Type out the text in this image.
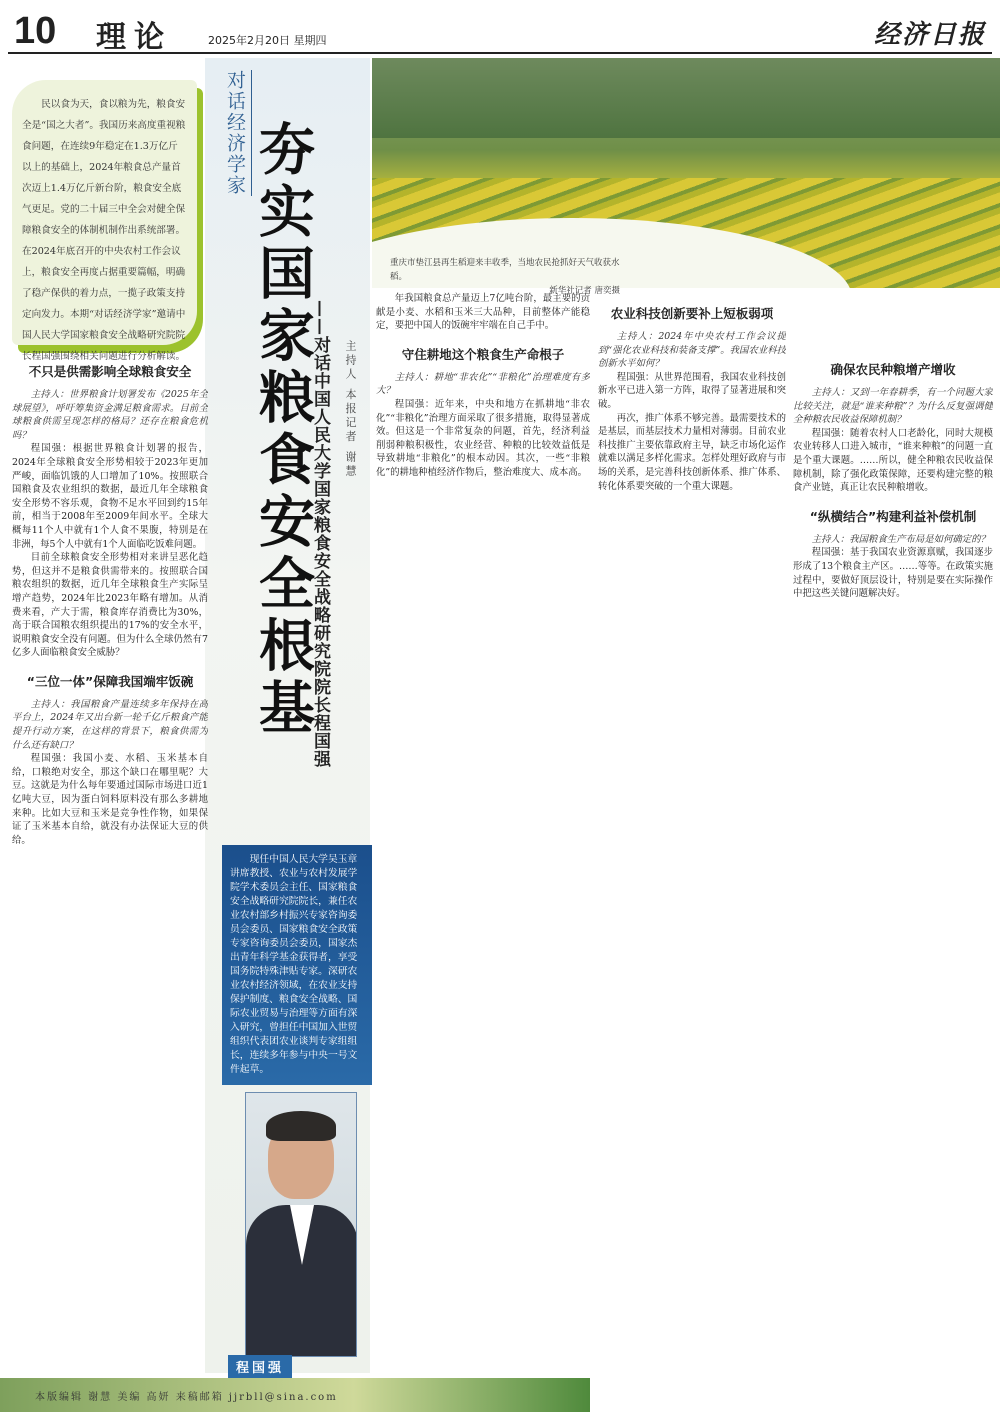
10 理论	2025年2月20日 星期四	经济日报
民以食为天，食以粮为先，粮食安全是“国之大者”。我国历来高度重视粮食问题，在连续9年稳定在1.3万亿斤以上的基础上，2024年粮食总产量首次迈上1.4万亿斤新台阶，粮食安全底气更足。党的二十届三中全会对健全保障粮食安全的体制机制作出系统部署。在2024年底召开的中央农村工作会议上，粮食安全再度占据重要篇幅，明确了稳产保供的着力点，一揽子政策支持定向发力。本期“对话经济学家”邀请中国人民大学国家粮食安全战略研究院院长程国强围绕相关问题进行分析解读。
对话经济学家 夯实国家粮食安全根基
——对话中国人民大学国家粮食安全战略研究院院长程国强 主持人 本报记者 谢慧
现任中国人民大学吴玉章讲席教授、农业与农村发展学院学术委员会主任、国家粮食安全战略研究院院长，兼任农业农村部乡村振兴专家咨询委员会委员、国家粮食安全政策专家咨询委员会委员，国家杰出青年科学基金获得者，享受国务院特殊津贴专家。深研农业农村经济领域，在农业支持保护制度、粮食安全战略、国际农业贸易与治理等方面有深入研究，曾担任中国加入世贸组织代表团农业谈判专家组组长，连续多年参与中央一号文件起草。
程国强
重庆市垫江县再生稻迎来丰收季，当地农民抢抓好天气收获水稻。
新华社记者 唐奕摄
不只是供需影响全球粮食安全

主持人：世界粮食计划署发布《2025年全球展望》，呼吁筹集资金满足粮食需求。目前全球粮食供需呈现怎样的格局？还存在粮食危机吗？

程国强：根据世界粮食计划署的报告，2024年全球粮食安全形势相较于2023年更加严峻，面临饥饿的人口增加了10%。按照联合国粮食及农业组织的数据，最近几年全球粮食安全形势不容乐观，食物不足水平回到约15年前，相当于2008年至2009年间水平。全球大概每11个人中就有1个人食不果腹，特别是在非洲，每5个人中就有1个人面临吃饭难问题。

目前全球粮食安全形势相对来讲呈恶化趋势，但这并不是粮食供需带来的。按照联合国粮农组织的数据，近几年全球粮食生产实际呈增产趋势，2024年比2023年略有增加。从消费来看，产大于需，粮食库存消费比为30%，高于联合国粮农组织提出的17%的安全水平，说明粮食安全没有问题。但为什么全球仍然有7亿多人面临粮食安全威胁？

“三位一体”保障我国端牢饭碗

主持人：我国粮食产量连续多年保持在高平台上，2024年又出台新一轮千亿斤粮食产能提升行动方案，在这样的背景下，粮食供需为什么还有缺口？

程国强：我国小麦、水稻、玉米基本自给，口粮绝对安全，那这个缺口在哪里呢？大豆。这就是为什么每年要通过国际市场进口近1亿吨大豆，因为蛋白饲料原料没有那么多耕地来种。比如大豆和玉米是竞争性作物，如果保证了玉米基本自给，就没有办法保证大豆的供给。

年我国粮食总产量迈上7亿吨台阶，最主要的贡献是小麦、水稻和玉米三大品种，目前整体产能稳定，要把中国人的饭碗牢牢端在自己手中。

守住耕地这个粮食生产命根子

主持人：耕地“非农化”“非粮化”治理难度有多大？

程国强：近年来，中央和地方在抓耕地“非农化”“非粮化”治理方面采取了很多措施，取得显著成效。但这是一个非常复杂的问题，首先，经济利益削弱种粮积极性，农业经营、种粮的比较效益低是导致耕地“非粮化”的根本动因。其次，一些“非粮化”的耕地种植经济作物后，整治难度大、成本高。

农业科技创新要补上短板弱项

主持人：2024年中央农村工作会议提到“强化农业科技和装备支撑”。我国农业科技创新水平如何？

程国强：从世界范围看，我国农业科技创新水平已进入第一方阵，取得了显著进展和突破。

再次，推广体系不够完善。最需要技术的是基层，而基层技术力量相对薄弱。目前农业科技推广主要依靠政府主导，缺乏市场化运作就难以满足多样化需求。怎样处理好政府与市场的关系，是完善科技创新体系、推广体系、转化体系要突破的一个重大课题。

确保农民种粮增产增收

主持人：又到一年春耕季，有一个问题大家比较关注，就是“谁来种粮”？为什么反复强调健全种粮农民收益保障机制？

程国强：随着农村人口老龄化，同时大规模农业转移人口进入城市，“谁来种粮”的问题一直是个重大课题。……所以，健全种粮农民收益保障机制，除了强化政策保障，还要构建完整的粮食产业链，真正让农民种粮增收。

“纵横结合”构建利益补偿机制

主持人：我国粮食生产布局是如何确定的？

程国强：基于我国农业资源禀赋，我国逐步形成了13个粮食主产区。……等等。在政策实施过程中，要做好顶层设计，特别是要在实际操作中把这些关键问题解决好。

本版编辑 谢慧 美编 高妍 来稿邮箱 jjrbll@sina.com
